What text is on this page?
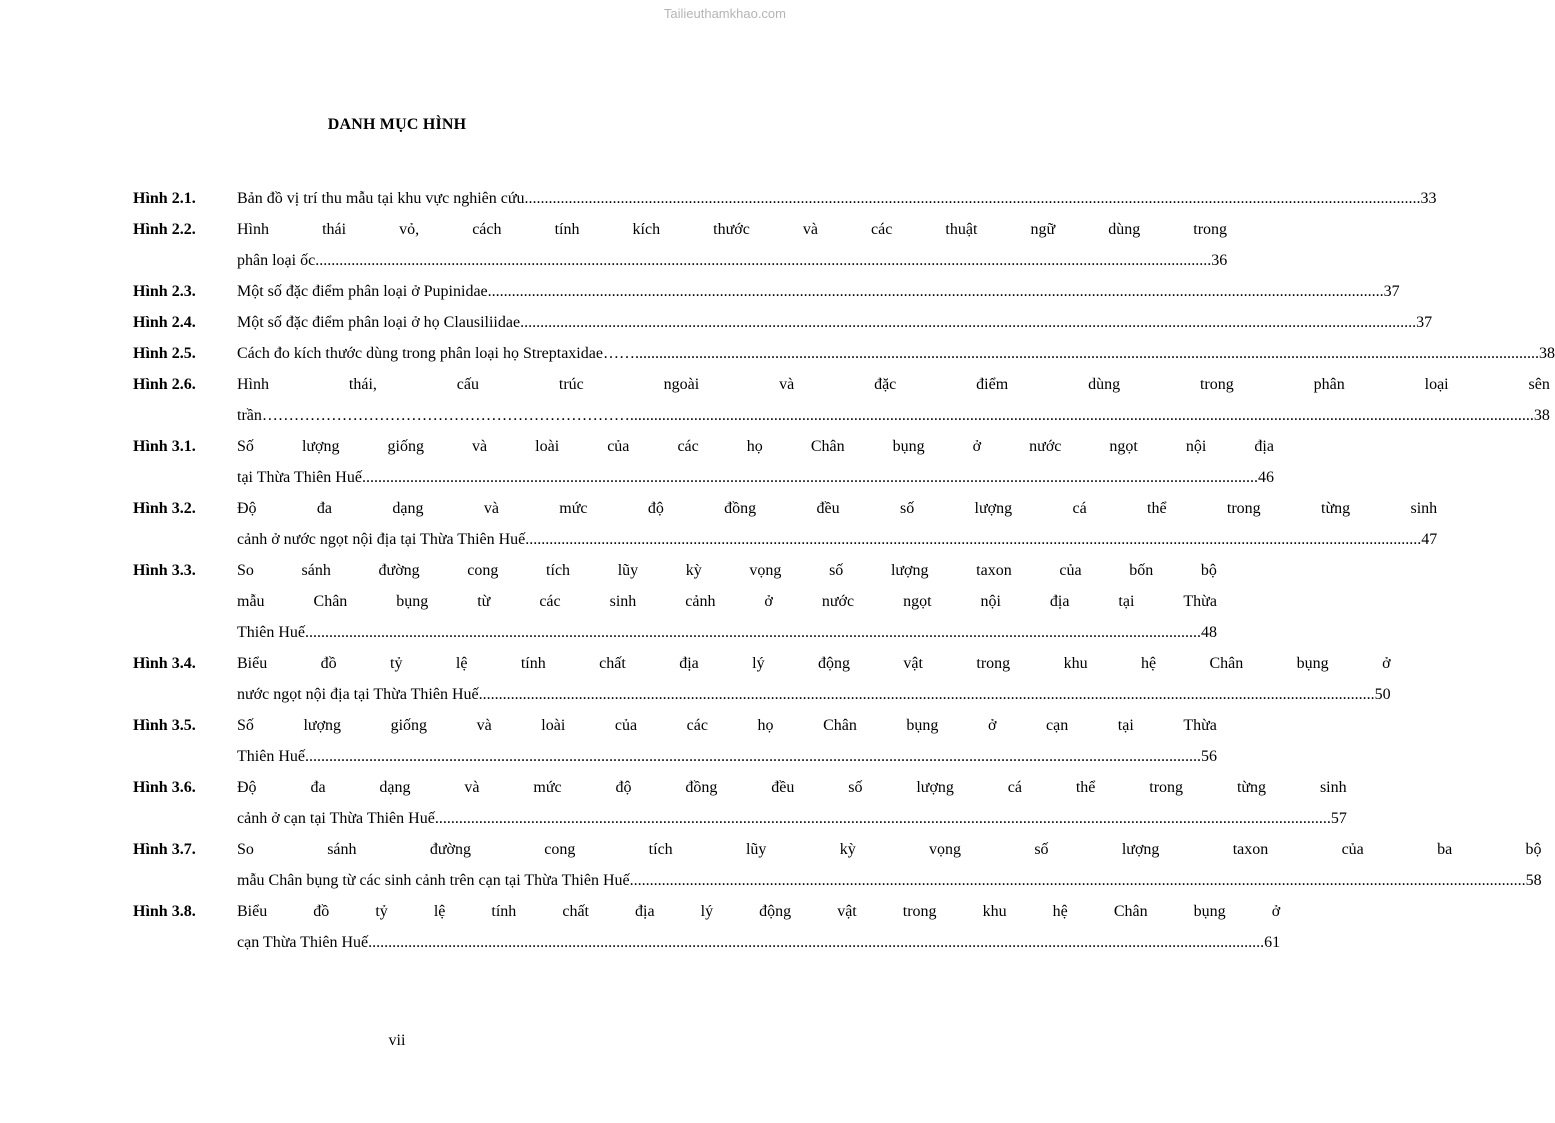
Tailieuthamkhao.com
DANH MỤC HÌNH
Hình 2.1.	Bản đồ vị trí thu mẫu tại khu vực nghiên cứu .....	33
Hình 2.2.	Hình	thái	vỏ,	cách	tính	kích	thước	và	các	thuật	ngữ	dùng	trong
phân loại ốc .....	36
Hình 2.3.	Một số đặc điểm phân loại ở Pupinidae .....	37
Hình 2.4.	Một số đặc điểm phân loại ở họ Clausiliidae .....	37
Hình 2.5.	Cách đo kích thước dùng trong phân loại họ Streptaxidae…….. .....	38
Hình 2.6.	Hình	thái,	cấu	trúc	ngoài	và	đặc	điểm	dùng	trong	phân	loại	sên
trần…………………………………………………………….. .....	38
Hình 3.1.	Số	lượng	giống	và	loài	của	các	họ	Chân	bụng	ở	nước	ngọt	nội	địa
tại Thừa Thiên Huế .....	46
Hình 3.2.	Độ	đa	dạng	và	mức	độ	đồng	đều	số	lượng	cá	thể	trong	từng	sinh
cảnh ở nước ngọt nội địa tại Thừa Thiên Huế .....	47
Hình 3.3.	So	sánh	đường	cong	tích	lũy	kỳ	vọng	số	lượng	taxon	của	bốn	bộ
mẫu	Chân	bụng	từ	các	sinh	cảnh	ở	nước	ngọt	nội	địa	tại	Thừa
Thiên Huế .....	48
Hình 3.4.	Biểu	đồ	tỷ	lệ	tính	chất	địa	lý	động	vật	trong	khu	hệ	Chân	bụng	ở
nước ngọt nội địa tại Thừa Thiên Huế .....	50
Hình 3.5.	Số	lượng	giống	và	loài	của	các	họ	Chân	bụng	ở	cạn	tại	Thừa
Thiên Huế .....	56
Hình 3.6.	Độ	đa	dạng	và	mức	độ	đồng	đều	số	lượng	cá	thể	trong	từng	sinh
cảnh ở cạn tại Thừa Thiên Huế .....	57
Hình 3.7.	So	sánh	đường	cong	tích	lũy	kỳ	vọng	số	lượng	taxon	của	ba	bộ
mẫu Chân bụng từ các sinh cảnh trên cạn tại Thừa Thiên Huế .....	58
Hình 3.8.	Biểu	đồ	tỷ	lệ	tính	chất	địa	lý	động	vật	trong	khu	hệ	Chân	bụng	ở
cạn Thừa Thiên Huế .....	61
vii
